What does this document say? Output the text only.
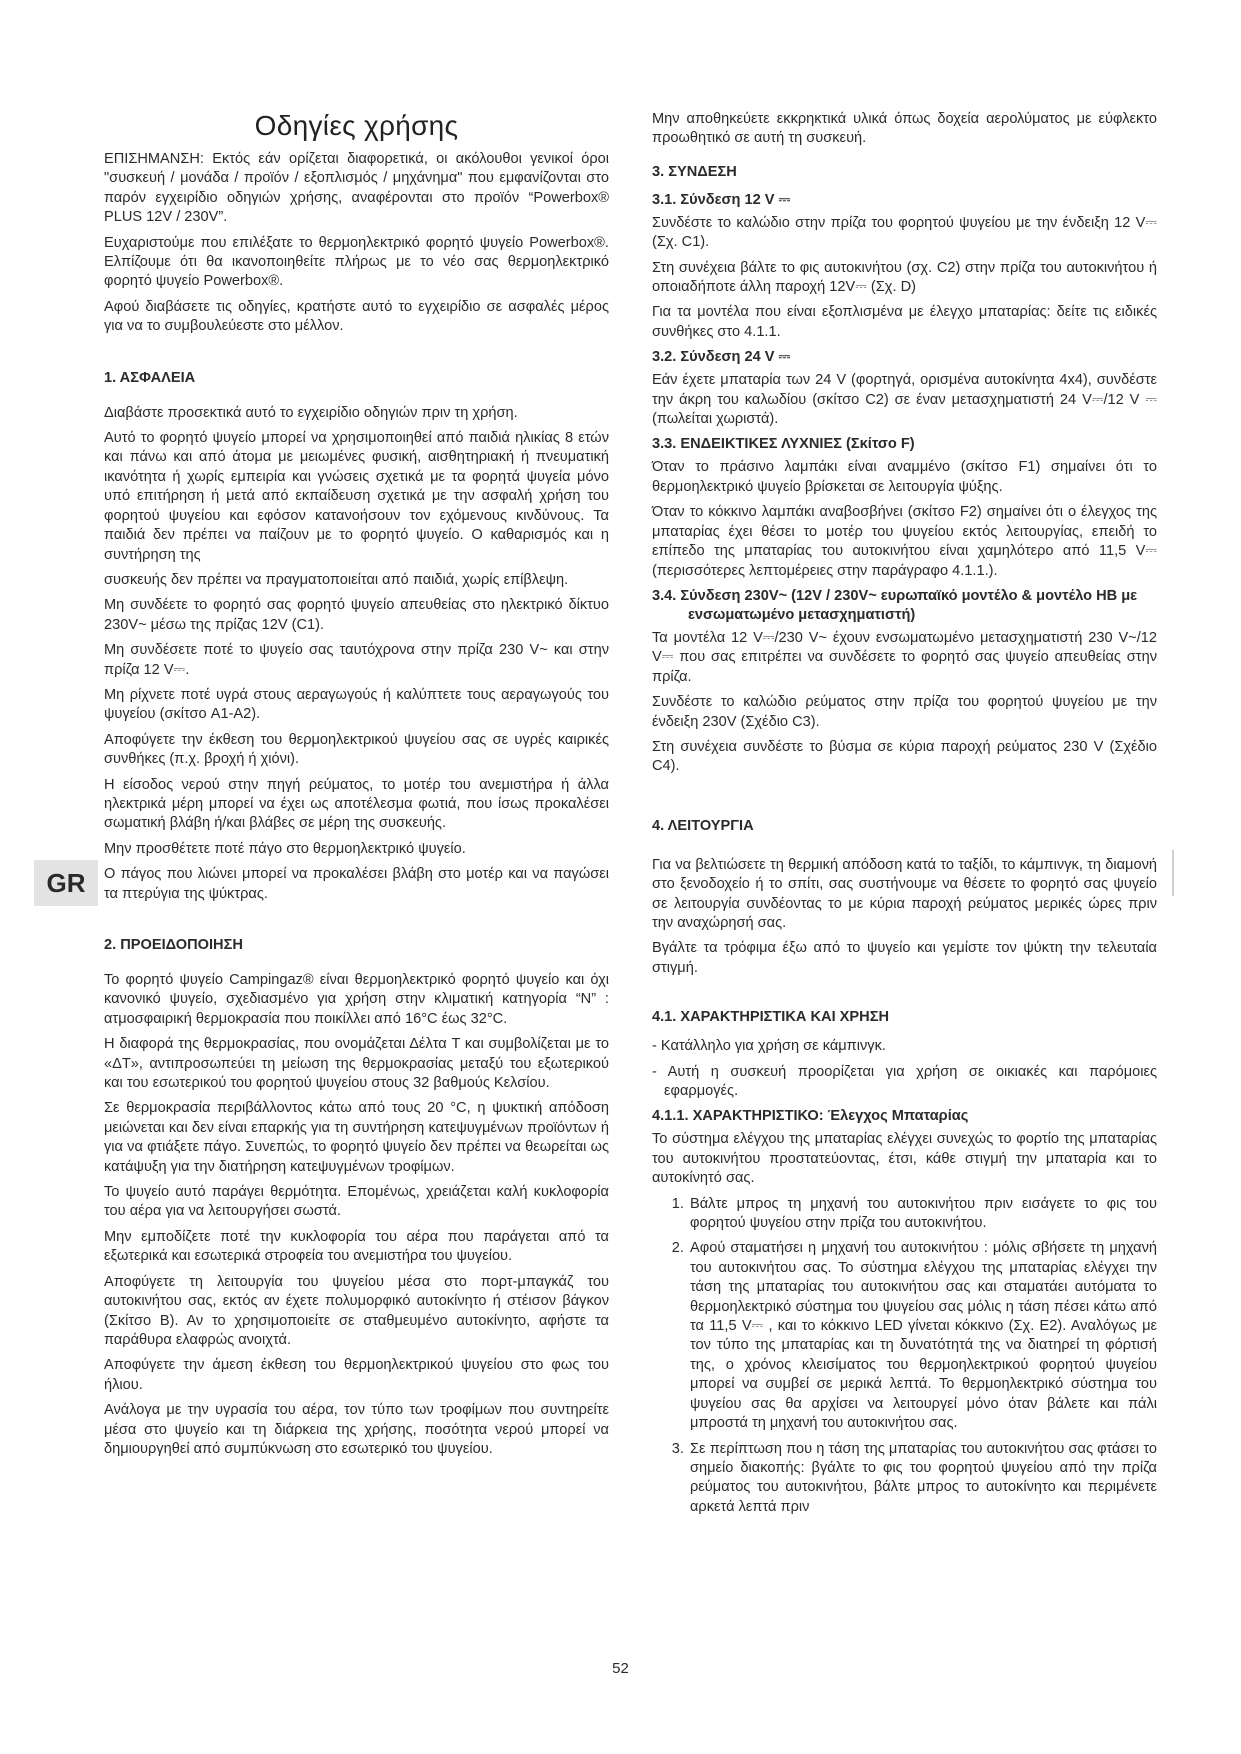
Οδηγίες χρήσης

ΕΠΙΣΗΜΑΝΣΗ: Εκτός εάν ορίζεται διαφορετικά, οι ακόλουθοι γενικοί όροι "συσκευή / μονάδα / προϊόν / εξοπλισμός / μηχάνημα" που εμφανίζονται στο παρόν εγχειρίδιο οδηγιών χρήσης, αναφέρονται στο προϊόν “Powerbox® PLUS 12V / 230V”.

Ευχαριστούμε που επιλέξατε το θερμοηλεκτρικό φορητό ψυγείο Powerbox®. Ελπίζουμε ότι θα ικανοποιηθείτε πλήρως με το νέο σας θερμοηλεκτρικό φορητό ψυγείο Powerbox®.

Αφού διαβάσετε τις οδηγίες, κρατήστε αυτό το εγχειρίδιο σε ασφαλές μέρος για να το συμβουλεύεστε στο μέλλον.

1. ΑΣΦΑΛΕΙΑ

Διαβάστε προσεκτικά αυτό το εγχειρίδιο οδηγιών πριν τη χρήση.

Αυτό το φορητό ψυγείο μπορεί να χρησιμοποιηθεί από παιδιά ηλικίας 8 ετών και πάνω και από άτομα με μειωμένες φυσική, αισθητηριακή ή πνευματική ικανότητα ή χωρίς εμπειρία και γνώσεις σχετικά με τα φορητά ψυγεία μόνο υπό επιτήρηση ή μετά από εκπαίδευση σχετικά με την ασφαλή χρήση του φορητού ψυγείου και εφόσον κατανοήσουν τον εχόμενους κινδύνους. Τα παιδιά δεν πρέπει να παίζουν με το φορητό ψυγείο. Ο καθαρισμός και η συντήρηση της

συσκευής δεν πρέπει να πραγματοποιείται από παιδιά, χωρίς επίβλεψη.

Μη συνδέετε το φορητό σας φορητό ψυγείο απευθείας στο ηλεκτρικό δίκτυο 230V~ μέσω της πρίζας 12V (C1).

Μη συνδέσετε ποτέ το ψυγείο σας ταυτόχρονα στην πρίζα 230 V~ και στην πρίζα 12 V⎓.

Μη ρίχνετε ποτέ υγρά στους αεραγωγούς ή καλύπτετε τους αεραγωγούς του ψυγείου (σκίτσο A1-A2).

Αποφύγετε την έκθεση του θερμοηλεκτρικού ψυγείου σας σε υγρές καιρικές συνθήκες (π.χ. βροχή ή χιόνι).

Η είσοδος νερού στην πηγή ρεύματος, το μοτέρ του ανεμιστήρα ή άλλα ηλεκτρικά μέρη μπορεί να έχει ως αποτέλεσμα φωτιά, που ίσως προκαλέσει σωματική βλάβη ή/και βλάβες σε μέρη της συσκευής.

Μην προσθέτετε ποτέ πάγο στο θερμοηλεκτρικό ψυγείο.

Ο πάγος που λιώνει μπορεί να προκαλέσει βλάβη στο μοτέρ και να παγώσει τα πτερύγια της ψύκτρας.

2. ΠΡΟΕΙΔΟΠΟΙΗΣΗ

Το φορητό ψυγείο Campingaz® είναι θερμοηλεκτρικό φορητό ψυγείο και όχι κανονικό ψυγείο, σχεδιασμένο για χρήση στην κλιματική κατηγορία “N” : ατμοσφαιρική θερμοκρασία που ποικίλλει από 16°C έως 32°C.

Η διαφορά της θερμοκρασίας, που ονομάζεται Δέλτα T και συμβολίζεται με το «ΔT», αντιπροσωπεύει τη μείωση της θερμοκρασίας μεταξύ του εξωτερικού και του εσωτερικού του φορητού ψυγείου στους 32 βαθμούς Κελσίου.

Σε θερμοκρασία περιβάλλοντος κάτω από τους 20 °C, η ψυκτική απόδοση μειώνεται και δεν είναι επαρκής για τη συντήρηση κατεψυγμένων προϊόντων ή για να φτιάξετε πάγο. Συνεπώς, το φορητό ψυγείο δεν πρέπει να θεωρείται ως κατάψυξη για την διατήρηση κατεψυγμένων τροφίμων.

Το ψυγείο αυτό παράγει θερμότητα. Επομένως, χρειάζεται καλή κυκλοφορία του αέρα για να λειτουργήσει σωστά.

Μην εμποδίζετε ποτέ την κυκλοφορία του αέρα που παράγεται από τα εξωτερικά και εσωτερικά στροφεία του ανεμιστήρα του ψυγείου.

Αποφύγετε τη λειτουργία του ψυγείου μέσα στο πορτ-μπαγκάζ του αυτοκινήτου σας, εκτός αν έχετε πολυμορφικό αυτοκίνητο ή στέισον βάγκον (Σκίτσο B). Αν το χρησιμοποιείτε σε σταθμευμένο αυτοκίνητο, αφήστε τα παράθυρα ελαφρώς ανοιχτά.

Αποφύγετε την άμεση έκθεση του θερμοηλεκτρικού ψυγείου στο φως του ήλιου.

Ανάλογα με την υγρασία του αέρα, τον τύπο των τροφίμων που συντηρείτε μέσα στο ψυγείο και τη διάρκεια της χρήσης, ποσότητα νερού μπορεί να δημιουργηθεί από συμπύκνωση στο εσωτερικό του ψυγείου.

Μην αποθηκεύετε εκκρηκτικά υλικά όπως δοχεία αερολύματος με εύφλεκτο προωθητικό σε αυτή τη συσκευή.

3. ΣΥΝΔΕΣΗ
3.1. Σύνδεση 12 V ⎓

Συνδέστε το καλώδιο στην πρίζα του φορητού ψυγείου με την ένδειξη 12 V⎓ (Σχ. C1).

Στη συνέχεια βάλτε το φις αυτοκινήτου (σχ. C2) στην πρίζα του αυτοκινήτου ή οποιαδήποτε άλλη παροχή 12V⎓ (Σχ. D)

Για τα μοντέλα που είναι εξοπλισμένα με έλεγχο μπαταρίας: δείτε τις ειδικές συνθήκες στο 4.1.1.

3.2. Σύνδεση 24 V ⎓

Εάν έχετε μπαταρία των 24 V (φορτηγά, ορισμένα αυτοκίνητα 4x4), συνδέστε την άκρη του καλωδίου (σκίτσο C2) σε έναν μετασχηματιστή 24 V⎓/12 V ⎓ (πωλείται χωριστά).

3.3. ΕΝΔΕΙΚΤΙΚΕΣ ΛΥΧΝΙΕΣ (Σκίτσο F)

Όταν το πράσινο λαμπάκι είναι αναμμένο (σκίτσο F1) σημαίνει ότι το θερμοηλεκτρικό ψυγείο βρίσκεται σε λειτουργία ψύξης.

Όταν το κόκκινο λαμπάκι αναβοσβήνει (σκίτσο F2) σημαίνει ότι ο έλεγχος της μπαταρίας έχει θέσει το μοτέρ του ψυγείου εκτός λειτουργίας, επειδή το επίπεδο της μπαταρίας του αυτοκινήτου είναι χαμηλότερο από 11,5 V⎓ (περισσότερες λεπτομέρειες στην παράγραφο 4.1.1.).

3.4. Σύνδεση 230V~ (12V / 230V~ ευρωπαϊκό μοντέλο & μοντέλο HB με ενσωματωμένο μετασχηματιστή)

Τα μοντέλα 12 V⎓/230 V~ έχουν ενσωματωμένο μετασχηματιστή 230 V~/12 V⎓ που σας επιτρέπει να συνδέσετε το φορητό σας ψυγείο απευθείας στην πρίζα.

Συνδέστε το καλώδιο ρεύματος στην πρίζα του φορητού ψυγείου με την ένδειξη 230V (Σχέδιο C3).

Στη συνέχεια συνδέστε το βύσμα σε κύρια παροχή ρεύματος 230 V (Σχέδιο C4).

4. ΛΕΙΤΟΥΡΓΙΑ

Για να βελτιώσετε τη θερμική απόδοση κατά το ταξίδι, το κάμπινγκ, τη διαμονή στο ξενοδοχείο ή το σπίτι, σας συστήνουμε να θέσετε το φορητό σας ψυγείο σε λειτουργία συνδέοντας το με κύρια παροχή ρεύματος μερικές ώρες πριν την αναχώρησή σας.

Βγάλτε τα τρόφιμα έξω από το ψυγείο και γεμίστε τον ψύκτη την τελευταία στιγμή.

4.1. ΧΑΡΑΚΤΗΡΙΣΤΙΚΑ ΚΑΙ ΧΡΗΣΗ

- Κατάλληλο για χρήση σε κάμπινγκ.

- Αυτή η συσκευή προορίζεται για χρήση σε οικιακές και παρόμοιες εφαρμογές.

4.1.1. ΧΑΡΑΚΤΗΡΙΣΤΙΚΟ: Έλεγχος Μπαταρίας

Το σύστημα ελέγχου της μπαταρίας ελέγχει συνεχώς το φορτίο της μπαταρίας του αυτοκινήτου προστατεύοντας, έτσι, κάθε στιγμή την μπαταρία και το αυτοκίνητό σας.

1. Βάλτε μπρος τη μηχανή του αυτοκινήτου πριν εισάγετε το φις του φορητού ψυγείου στην πρίζα του αυτοκινήτου.
2. Αφού σταματήσει η μηχανή του αυτοκινήτου : μόλις σβήσετε τη μηχανή του αυτοκινήτου σας. Το σύστημα ελέγχου της μπαταρίας ελέγχει την τάση της μπαταρίας του αυτοκινήτου σας και σταματάει αυτόματα το θερμοηλεκτρικό σύστημα του ψυγείου σας μόλις η τάση πέσει κάτω από τα 11,5 V⎓ , και το κόκκινο LED γίνεται κόκκινο (Σχ. E2). Αναλόγως με τον τύπο της μπαταρίας και τη δυνατότητά της να διατηρεί τη φόρτισή της, ο χρόνος κλεισίματος του θερμοηλεκτρικού φορητού ψυγείου μπορεί να συμβεί σε μερικά λεπτά. Το θερμοηλεκτρικό σύστημα του ψυγείου σας θα αρχίσει να λειτουργεί μόνο όταν βάλετε και πάλι μπροστά τη μηχανή του αυτοκινήτου σας.
3. Σε περίπτωση που η τάση της μπαταρίας του αυτοκινήτου σας φτάσει το σημείο διακοπής: βγάλτε το φις του φορητού ψυγείου από την πρίζα ρεύματος του αυτοκινήτου, βάλτε μπρος το αυτοκίνητο και περιμένετε αρκετά λεπτά πριν
GR
52
